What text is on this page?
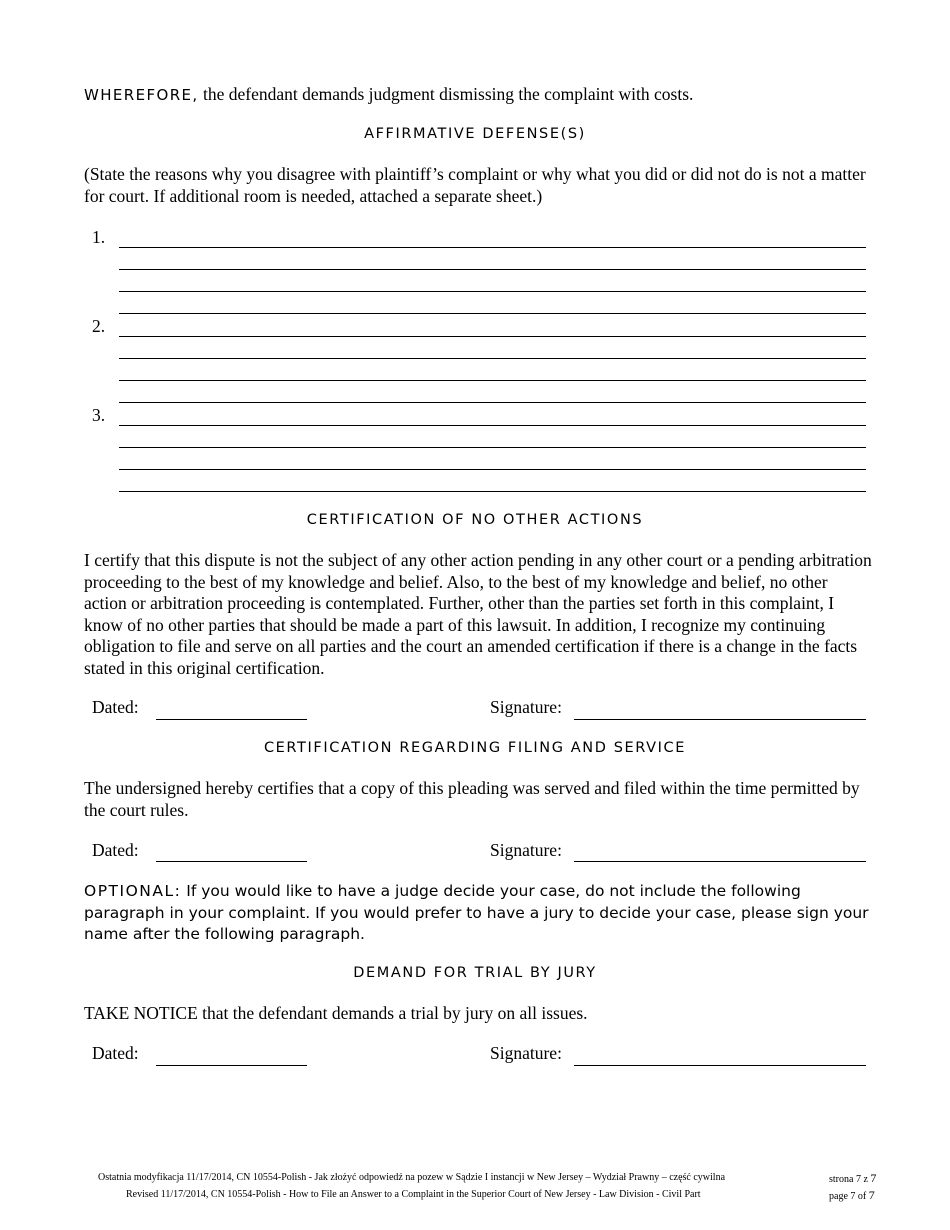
WHEREFORE, the defendant demands judgment dismissing the complaint with costs.
AFFIRMATIVE DEFENSE(S)
(State the reasons why you disagree with plaintiff’s complaint or why what you did or did not do is not a matter for court. If additional room is needed, attached a separate sheet.)
1.
2.
3.
CERTIFICATION OF NO OTHER ACTIONS
I certify that this dispute is not the subject of any other action pending in any other court or a pending arbitration proceeding to the best of my knowledge and belief. Also, to the best of my knowledge and belief, no other action or arbitration proceeding is contemplated. Further, other than the parties set forth in this complaint, I know of no other parties that should be made a part of this lawsuit. In addition, I recognize my continuing obligation to file and serve on all parties and the court an amended certification if there is a change in the facts stated in this original certification.
Dated:	Signature:
CERTIFICATION REGARDING FILING AND SERVICE
The undersigned hereby certifies that a copy of this pleading was served and filed within the time permitted by the court rules.
Dated:	Signature:
OPTIONAL: If you would like to have a judge decide your case, do not include the following paragraph in your complaint. If you would prefer to have a jury to decide your case, please sign your name after the following paragraph.
DEMAND FOR TRIAL BY JURY
TAKE NOTICE that the defendant demands a trial by jury on all issues.
Dated:	Signature:
Ostatnia modyfikacja 11/17/2014, CN 10554-Polish - Jak złożyć odpowiedź na pozew w Sądzie I instancji w New Jersey – Wydział Prawny – część cywilna
Revised 11/17/2014, CN 10554-Polish - How to File an Answer to a Complaint in the Superior Court of New Jersey - Law Division - Civil Part
strona 7 z 7
page 7 of 7
